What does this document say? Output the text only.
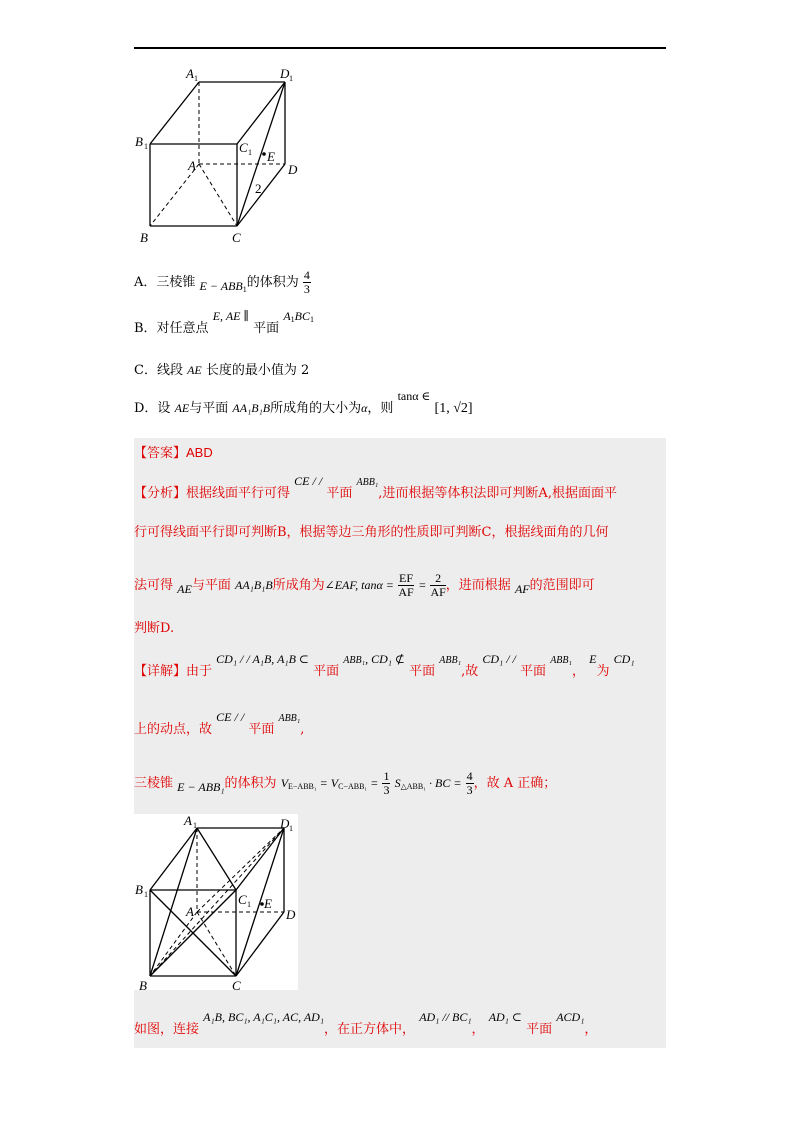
A 1	D 1
B 1	C 1
A	D
B	C
E
2
A．三棱锥 E − ABB1的体积为 $\frac{4}{3}$
B．对任意点 E, AE ∥ 平面 A1BC1
C．线段 AE 长度的最小值为 2
D．设 AE与平面 AA₁B₁B所成角的大小为α，则 tanα ∈ [1, √2]
【答案】ABD
【分析】根据线面平行可得 CE / / 平面 $^{ABB_1}$,进而根据等体积法即可判断A,根据面面平
行可得线面平行即可判断B，根据等边三角形的性质即可判断C，根据线面角的几何
法可得 AE与平面 AA₁B₁B所成角为∠EAF, $\tan\alpha = \frac{EF}{AF} = \frac{2}{AF}$ ，进而根据 AF的范围即可
判断D.
【详解】由于 CD₁ / / A₁B, A₁B ⊂ 平面 $^{ABB_1}$, CD₁ ⊄ 平面 $^{ABB_1}$,故 CD₁ / / 平面 $^{ABB_1}$， E为 CD₁
上的动点，故 CE / / 平面 $^{ABB_1}$,
三棱锥 E − ABB₁的体积为 $VE-ABB_1 = VC-ABB_1 = \frac{1}{3}$ S△ABB₁ · BC = $\frac{4}{3}$ ，故 A 正确；
A 1	D 1
B 1	C 1
A	D
B	C
E
如图，连接 A₁B, BC₁, A₁C₁, AC, AD₁，在正方体中， AD₁ // BC₁， AD₁ ⊂ 平面 ACD₁，
